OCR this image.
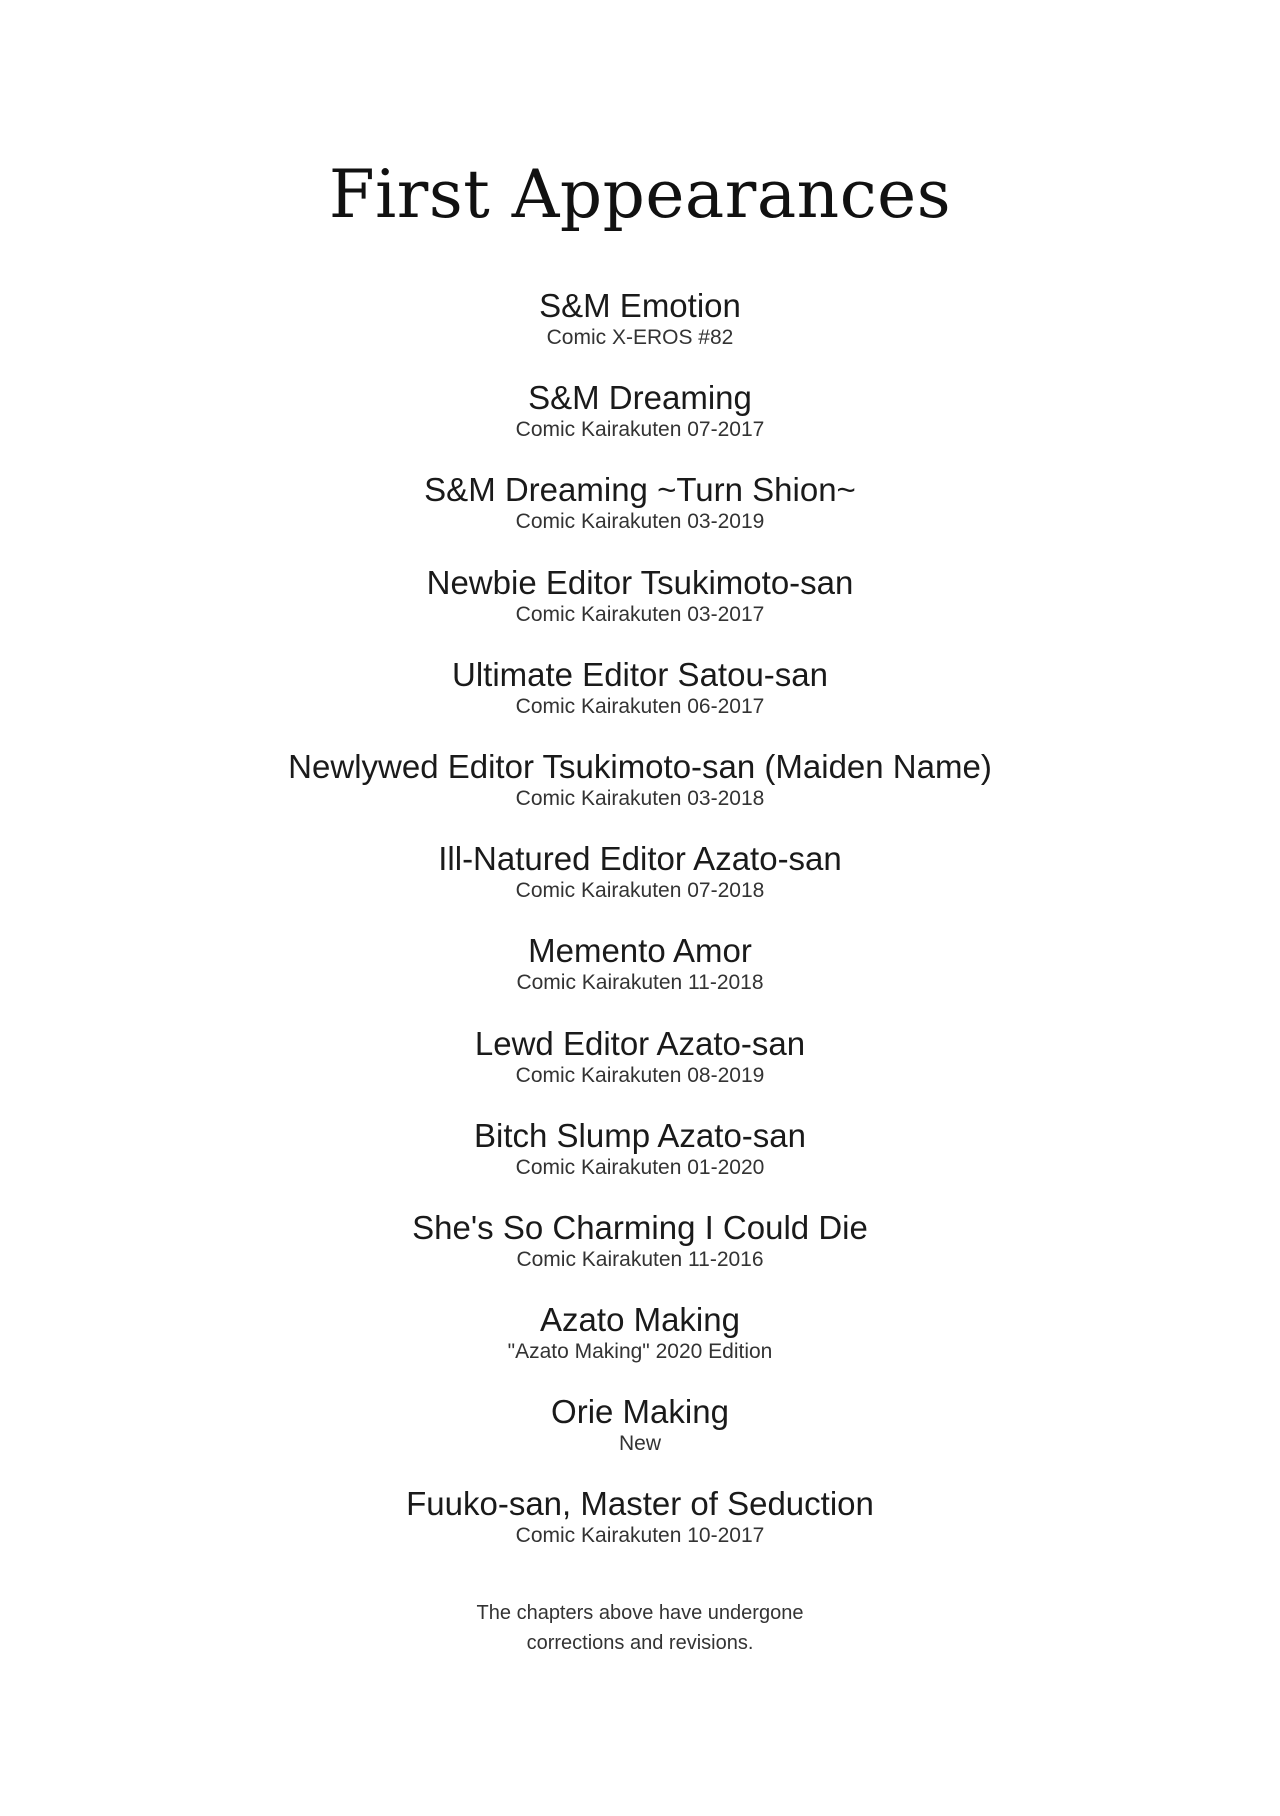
First Appearances
S&M Emotion
Comic X-EROS #82
S&M Dreaming
Comic Kairakuten 07-2017
S&M Dreaming ~Turn Shion~
Comic Kairakuten 03-2019
Newbie Editor Tsukimoto-san
Comic Kairakuten 03-2017
Ultimate Editor Satou-san
Comic Kairakuten 06-2017
Newlywed Editor Tsukimoto-san (Maiden Name)
Comic Kairakuten 03-2018
Ill-Natured Editor Azato-san
Comic Kairakuten 07-2018
Memento Amor
Comic Kairakuten 11-2018
Lewd Editor Azato-san
Comic Kairakuten 08-2019
Bitch Slump Azato-san
Comic Kairakuten 01-2020
She's So Charming I Could Die
Comic Kairakuten 11-2016
Azato Making
"Azato Making" 2020 Edition
Orie Making
New
Fuuko-san, Master of Seduction
Comic Kairakuten 10-2017
The chapters above have undergone
corrections and revisions.
